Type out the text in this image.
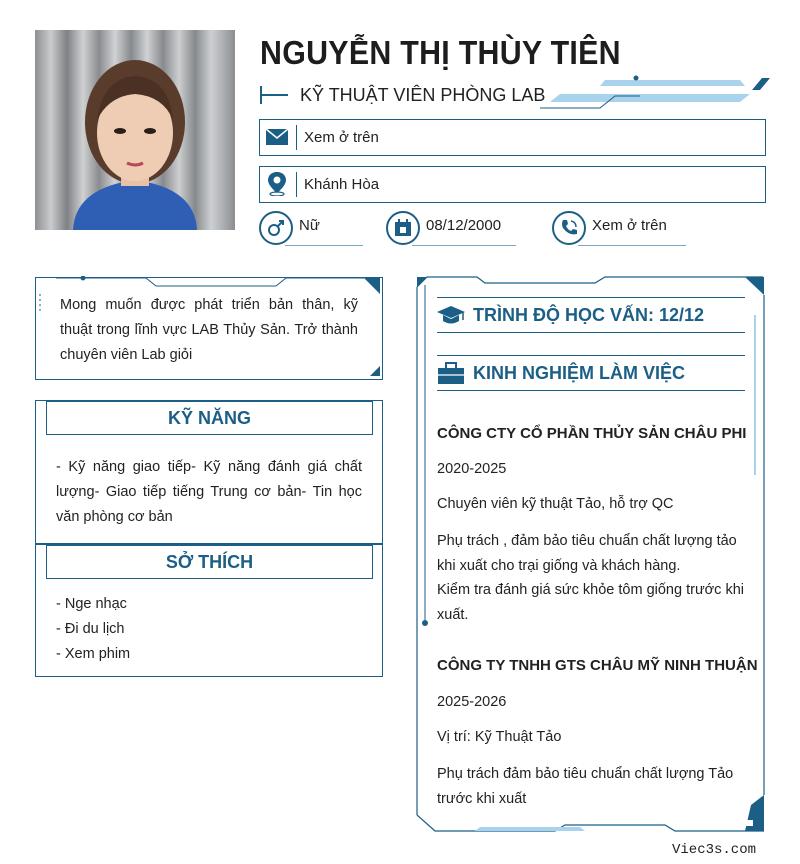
NGUYỄN THỊ THÙY TIÊN
KỸ THUẬT VIÊN PHÒNG LAB
Xem ở trên
Khánh Hòa
Nữ	08/12/2000	Xem ở trên
Mong muốn được phát triển bản thân, kỹ thuật trong lĩnh vực LAB Thủy Sản. Trở thành chuyên viên Lab giỏi
KỸ NĂNG
- Kỹ năng giao tiếp- Kỹ năng đánh giá chất lượng- Giao tiếp tiếng Trung cơ bản- Tin học văn phòng cơ bản
SỞ THÍCH
- Nge nhạc
- Đi du lịch
- Xem phim
TRÌNH ĐỘ HỌC VẤN: 12/12
KINH NGHIỆM LÀM VIỆC
CÔNG CTY CỔ PHẦN THỦY SẢN CHÂU PHI
2020-2025
Chuyên viên kỹ thuật Tảo, hỗ trợ QC
Phụ trách , đảm bảo tiêu chuẩn chất lượng tảo khi xuất cho trại giống và khách hàng.
Kiểm tra đánh giá sức khỏe tôm giống trước khi xuất.
CÔNG TY TNHH GTS CHÂU MỸ NINH THUẬN
2025-2026
Vị trí: Kỹ Thuật Tảo
Phụ trách đảm bảo tiêu chuẩn chất lượng Tảo trước khi xuất
Viec3s.com
